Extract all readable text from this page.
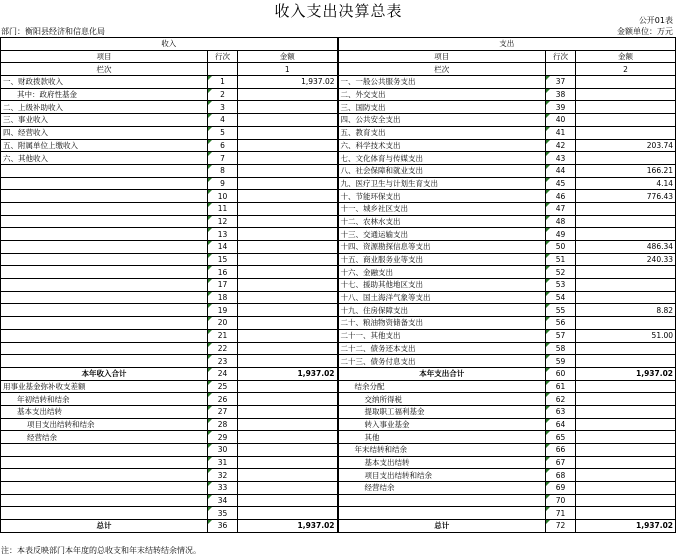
收入支出决算总表
公开01表
部门：衡阳县经济和信息化局	金额单位：万元
收入			支出		
项目	行次	金额	项目	行次	金额
栏次		1	栏次		2
一、财政拨款收入	1	1,937.02	一、一般公共服务支出	37	
其中：政府性基金	2		二、外交支出	38	
二、上级补助收入	3		三、国防支出	39	
三、事业收入	4		四、公共安全支出	40	
四、经营收入	5		五、教育支出	41	
五、附属单位上缴收入	6		六、科学技术支出	42	203.74
六、其他收入	7		七、文化体育与传媒支出	43	
	8		八、社会保障和就业支出	44	166.21
	9		九、医疗卫生与计划生育支出	45	4.14
	10		十、节能环保支出	46	776.43
	11		十一、城乡社区支出	47	
	12		十二、农林水支出	48	
	13		十三、交通运输支出	49	
	14		十四、资源勘探信息等支出	50	486.34
	15		十五、商业服务业等支出	51	240.33
	16		十六、金融支出	52	
	17		十七、援助其他地区支出	53	
	18		十八、国土海洋气象等支出	54	
	19		十九、住房保障支出	55	8.82
	20		二十、粮油物资储备支出	56	
	21		二十一、其他支出	57	51.00
	22		二十二、债务还本支出	58	
	23		二十三、债务付息支出	59	
本年收入合计	24	1,937.02	本年支出合计	60	1,937.02
用事业基金弥补收支差额	25		结余分配	61	
年初结转和结余	26		交纳所得税	62	
基本支出结转	27		提取职工福利基金	63	
项目支出结转和结余	28		转入事业基金	64	
经营结余	29		其他	65	
	30		年末结转和结余	66	
	31		基本支出结转	67	
	32		项目支出结转和结余	68	
	33		经营结余	69	
	34			70	
	35			71	
总计	36	1,937.02	总计	72	1,937.02
注：本表反映部门本年度的总收支和年末结转结余情况。
